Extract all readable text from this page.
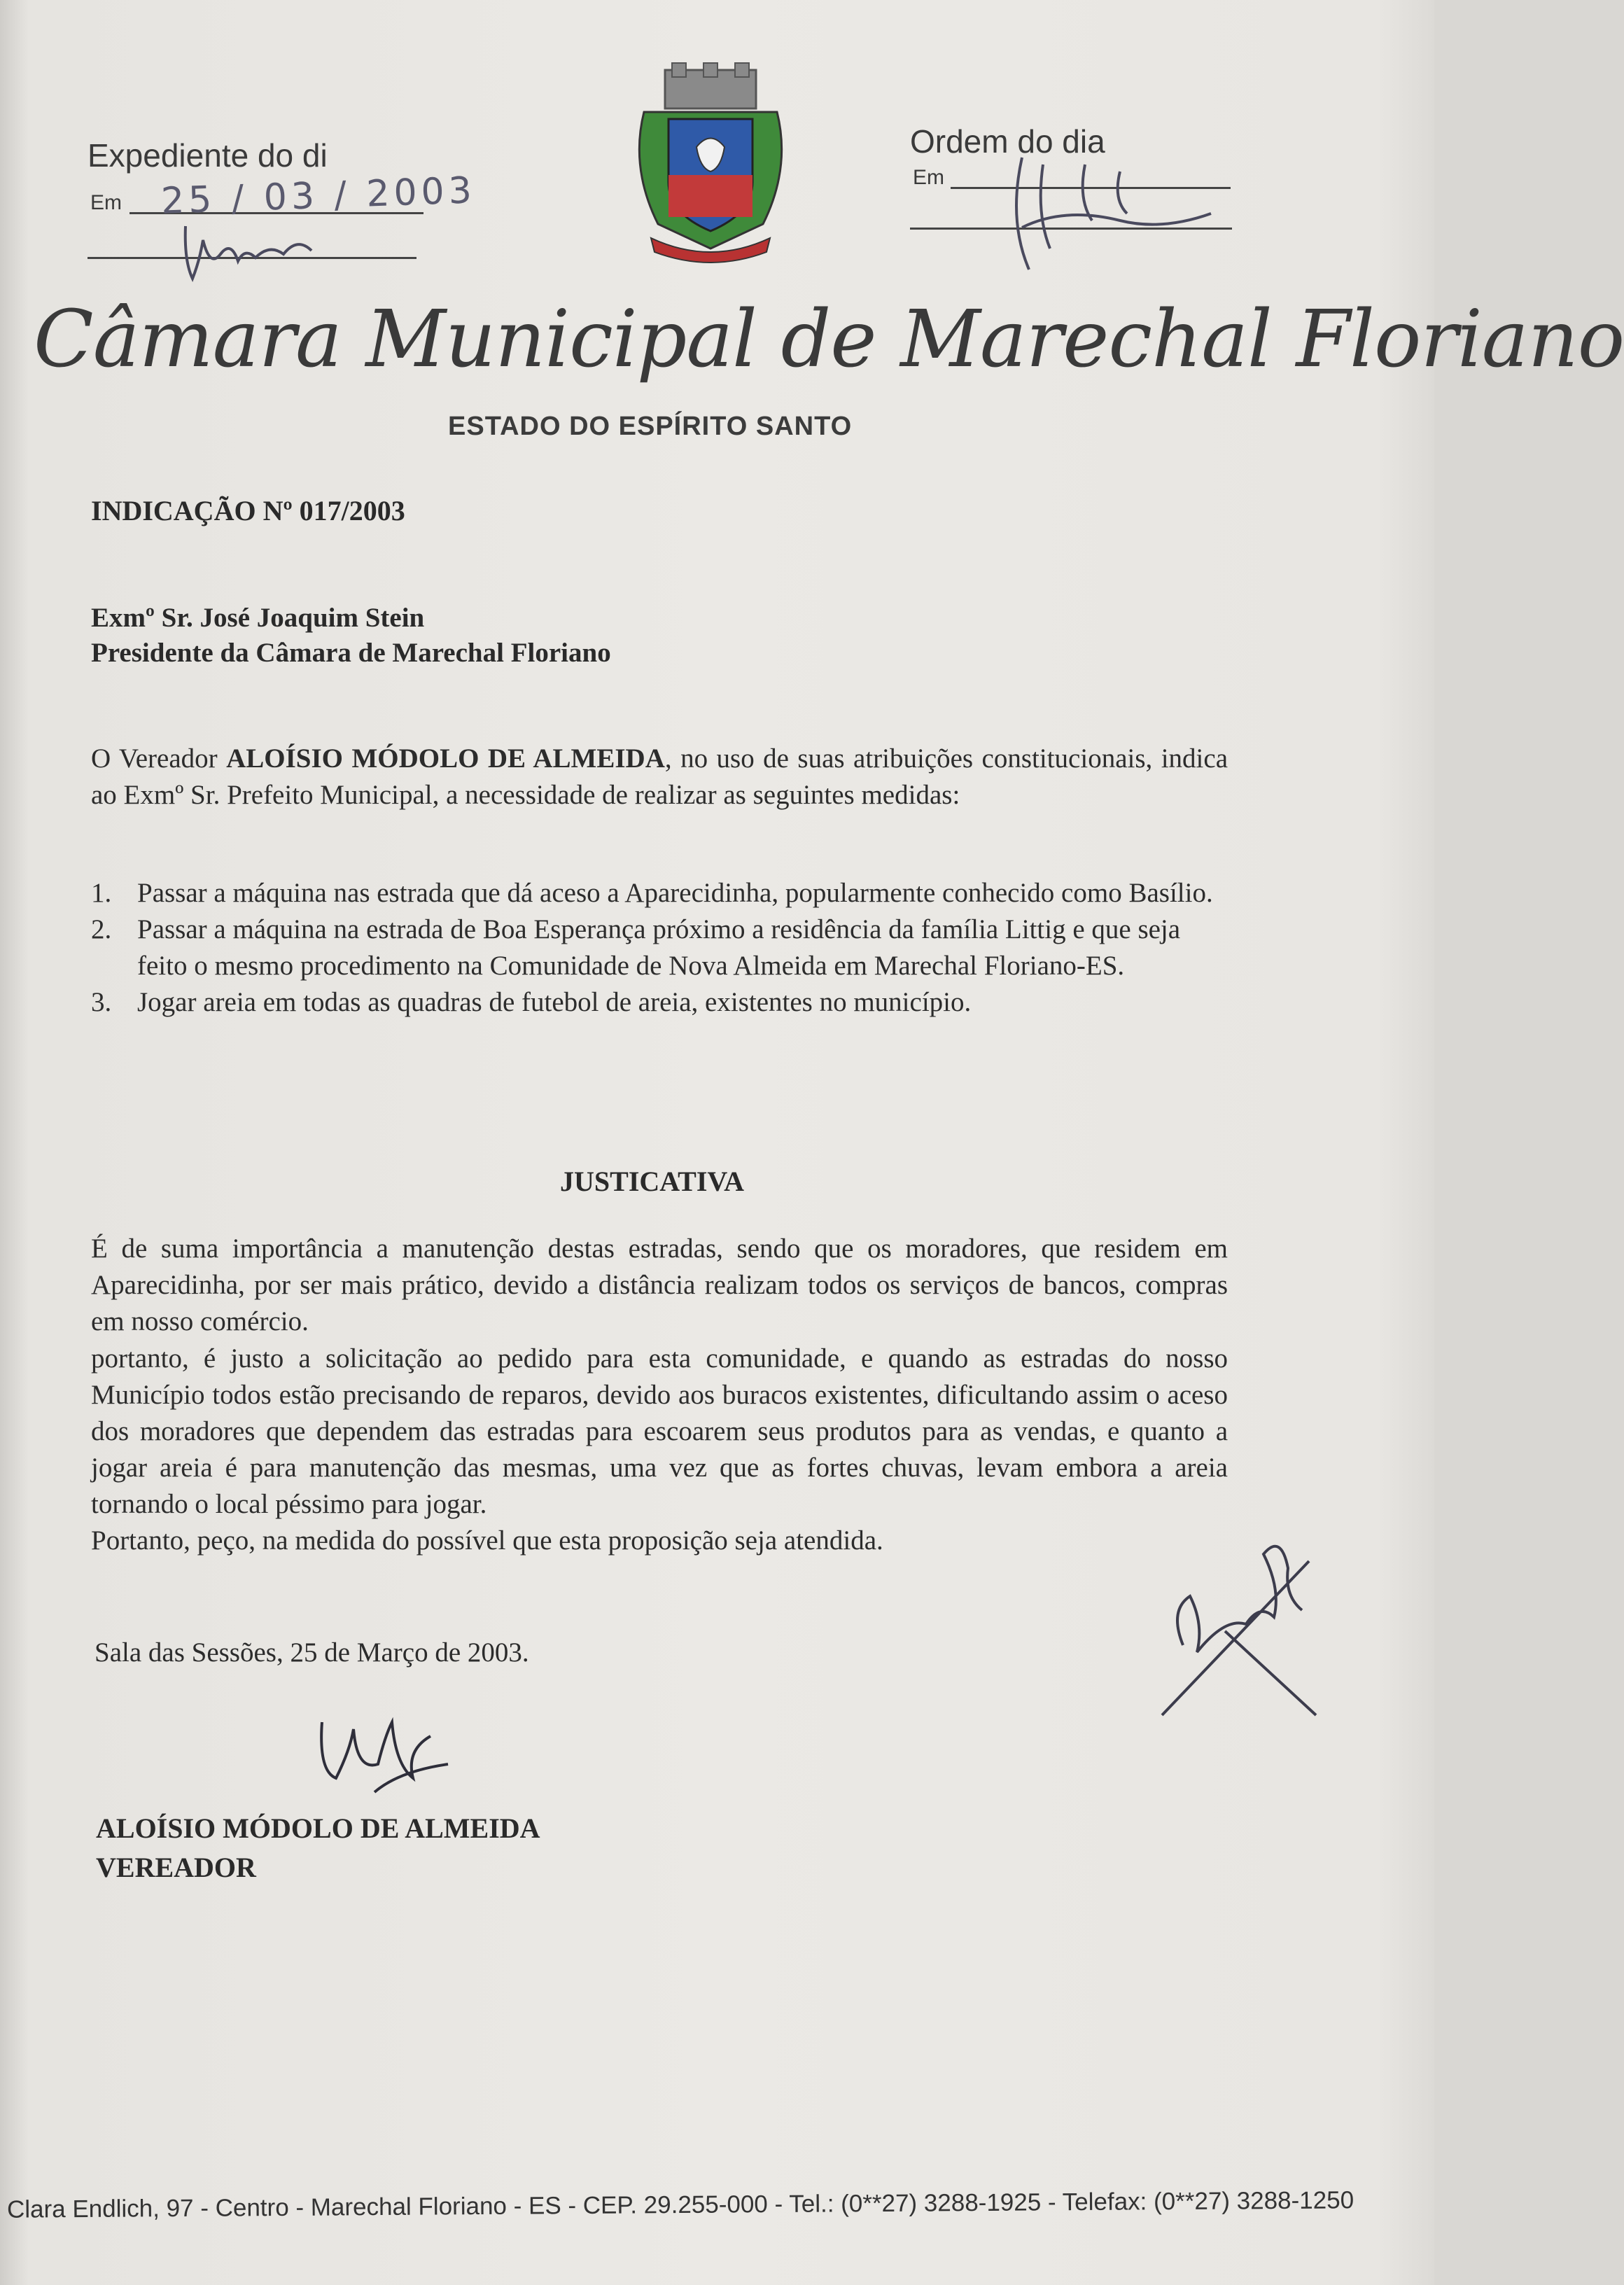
Expediente do di
Em 25 / 03 / 2003
Ordem do dia
Em
Câmara Municipal de Marechal Floriano
ESTADO DO ESPÍRITO SANTO
INDICAÇÃO Nº 017/2003
Exmº Sr. José Joaquim Stein
Presidente da Câmara de Marechal Floriano
O Vereador ALOÍSIO MÓDOLO DE ALMEIDA, no uso de suas atribuições constitucionais, indica ao Exmº Sr. Prefeito Municipal, a necessidade de realizar as seguintes medidas:
1. Passar a máquina nas estrada que dá aceso a Aparecidinha, popularmente conhecido como Basílio.
2. Passar a máquina na estrada de Boa Esperança próximo a residência da família Littig e que seja feito o mesmo procedimento na Comunidade de Nova Almeida em Marechal Floriano-ES.
3. Jogar areia em todas as quadras de futebol de areia, existentes no município.
JUSTICATIVA
É de suma importância a manutenção destas estradas, sendo que os moradores, que residem em Aparecidinha, por ser mais prático, devido a distância realizam todos os serviços de bancos, compras em nosso comércio.
portanto, é justo a solicitação ao pedido para esta comunidade, e quando as estradas do nosso Município todos estão precisando de reparos, devido aos buracos existentes, dificultando assim o aceso dos moradores que dependem das estradas para escoarem seus produtos para as vendas, e quanto a jogar areia é para manutenção das mesmas, uma vez que as fortes chuvas, levam embora a areia tornando o local péssimo para jogar.
Portanto, peço, na medida do possível que esta proposição seja atendida.
Sala das Sessões, 25 de Março de 2003.
ALOÍSIO MÓDOLO DE ALMEIDA
VEREADOR
Clara Endlich, 97 - Centro - Marechal Floriano - ES - CEP. 29.255-000 - Tel.: (0**27) 3288-1925 - Telefax: (0**27) 3288-1250
